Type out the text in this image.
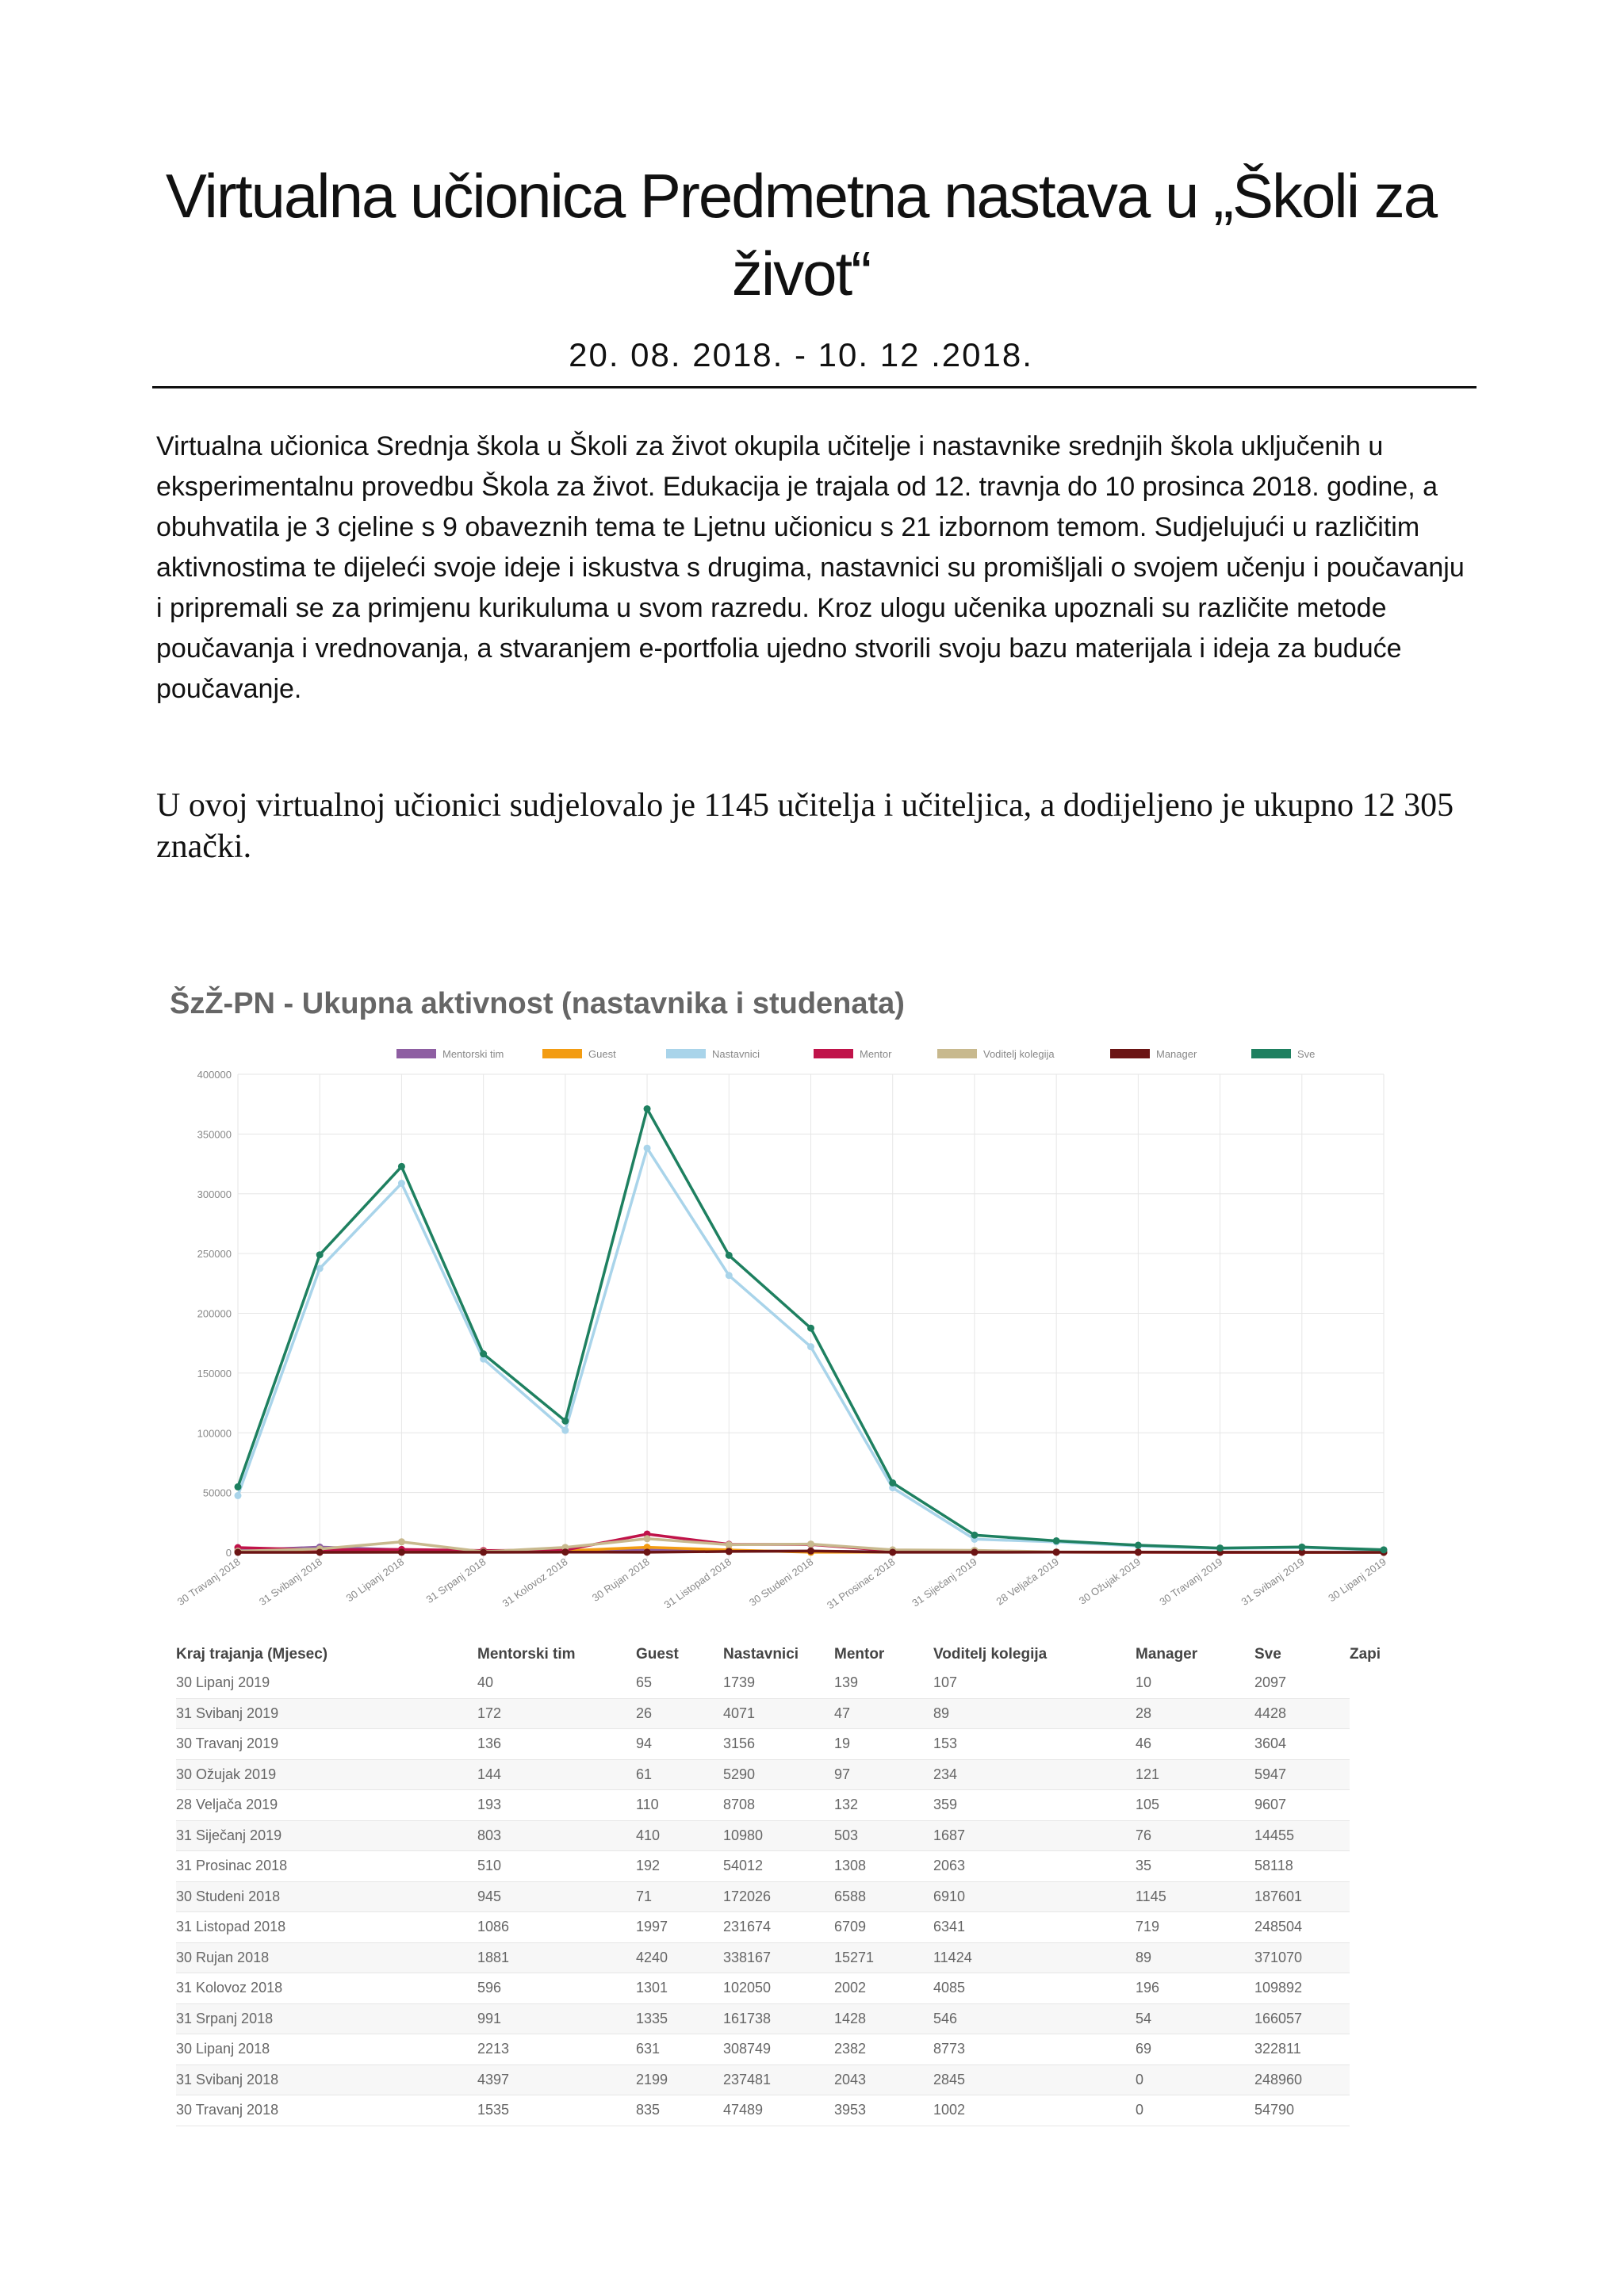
Virtualna učionica Predmetna nastava u „Školi za život“
20. 08. 2018. - 10. 12 .2018.

Virtualna učionica Srednja škola u Školi za život okupila učitelje i nastavnike srednjih škola uključenih u eksperimentalnu provedbu Škola za život. Edukacija je trajala od 12. travnja do 10 prosinca 2018. godine, a obuhvatila je 3 cjeline s 9 obaveznih tema te Ljetnu učionicu s 21 izbornom temom. Sudjelujući u različitim aktivnostima te dijeleći svoje ideje i iskustva s drugima, nastavnici su promišljali o svojem učenju i poučavanju i pripremali se za primjenu kurikuluma u svom razredu. Kroz ulogu učenika upoznali su različite metode poučavanja i vrednovanja, a stvaranjem e-portfolia ujedno stvorili svoju bazu materijala i ideja za buduće poučavanje.

U ovoj virtualnoj učionici sudjelovalo je 1145 učitelja i učiteljica, a dodijeljeno je ukupno 12 305 znački.

ŠzŽ-PN - Ukupna aktivnost (nastavnika i studenata)
Mentorski tim	Guest	Nastavnici	Mentor	Voditelj kolegija	Manager	Sve
400000
350000
300000
250000
200000
150000
100000
50000
0
30 Travanj 2018 31 Svibanj 2018 30 Lipanj 2018 31 Srpanj 2018 31 Kolovoz 2018 30 Rujan 2018 31 Listopad 2018 30 Studeni 2018 31 Prosinac 2018 31 Siječanj 2019 28 Veljača 2019 30 Ožujak 2019 30 Travanj 2019 31 Svibanj 2019 30 Lipanj 2019
Kraj trajanja (Mjesec)	Mentorski tim	Guest	Nastavnici	Mentor	Voditelj kolegija	Manager	Sve	Zapi
30 Lipanj 2019	40	65	1739	139	107	10	2097	
31 Svibanj 2019	172	26	4071	47	89	28	4428	
30 Travanj 2019	136	94	3156	19	153	46	3604	
30 Ožujak 2019	144	61	5290	97	234	121	5947	
28 Veljača 2019	193	110	8708	132	359	105	9607	
31 Siječanj 2019	803	410	10980	503	1687	76	14455	
31 Prosinac 2018	510	192	54012	1308	2063	35	58118	
30 Studeni 2018	945	71	172026	6588	6910	1145	187601	
31 Listopad 2018	1086	1997	231674	6709	6341	719	248504	
30 Rujan 2018	1881	4240	338167	15271	11424	89	371070	
31 Kolovoz 2018	596	1301	102050	2002	4085	196	109892	
31 Srpanj 2018	991	1335	161738	1428	546	54	166057	
30 Lipanj 2018	2213	631	308749	2382	8773	69	322811	
31 Svibanj 2018	4397	2199	237481	2043	2845	0	248960	
30 Travanj 2018	1535	835	47489	3953	1002	0	54790	
